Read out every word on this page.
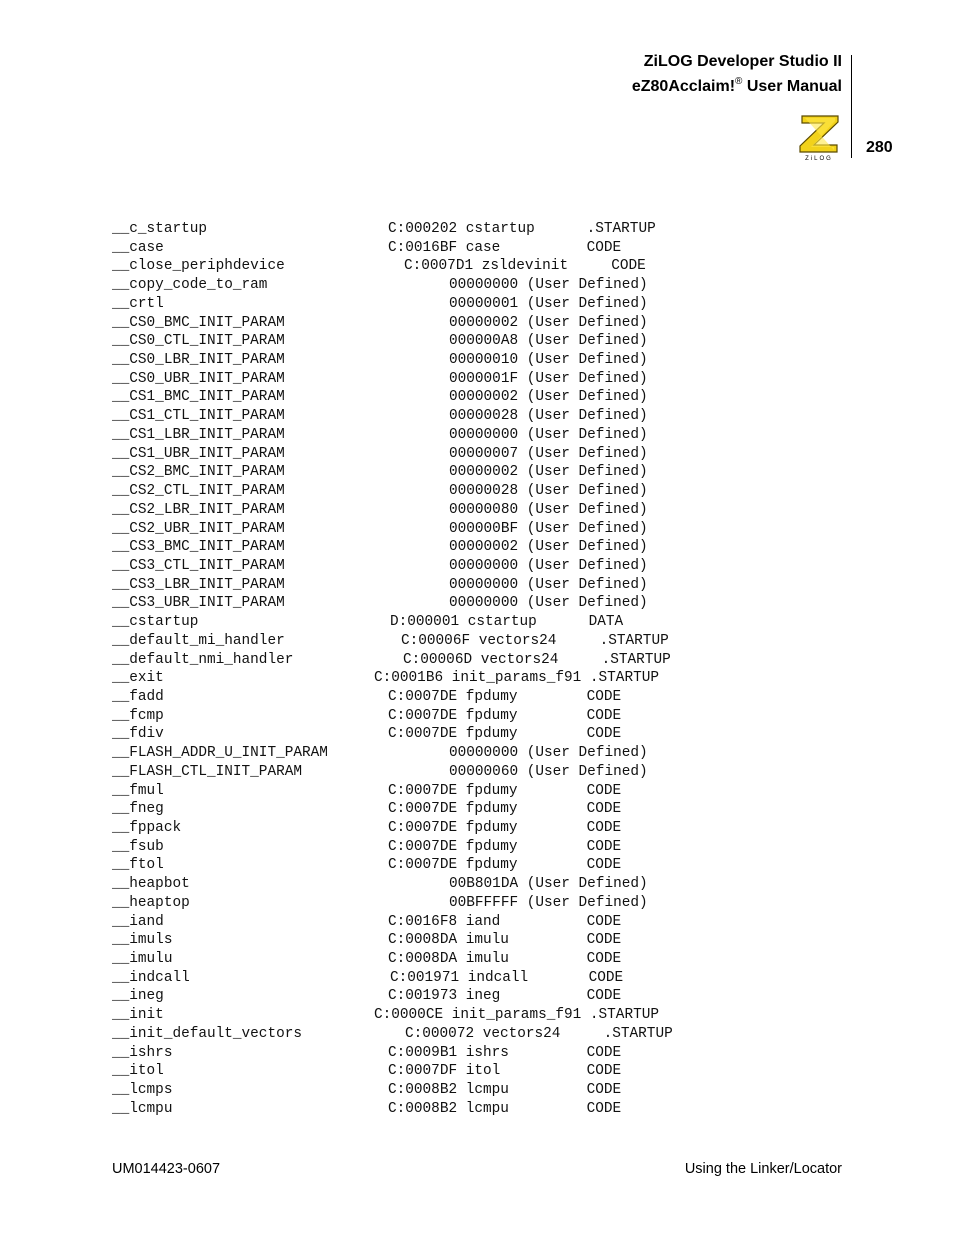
ZiLOG Developer Studio II
eZ80Acclaim!® User Manual
ZiLOG
280
__c_startup	C:000202 cstartup      .STARTUP
__case	C:0016BF case          CODE
__close_periphdevice	C:0007D1 zsldevinit     CODE
__copy_code_to_ram	00000000 (User Defined)
__crtl	00000001 (User Defined)
__CS0_BMC_INIT_PARAM	00000002 (User Defined)
__CS0_CTL_INIT_PARAM	000000A8 (User Defined)
__CS0_LBR_INIT_PARAM	00000010 (User Defined)
__CS0_UBR_INIT_PARAM	0000001F (User Defined)
__CS1_BMC_INIT_PARAM	00000002 (User Defined)
__CS1_CTL_INIT_PARAM	00000028 (User Defined)
__CS1_LBR_INIT_PARAM	00000000 (User Defined)
__CS1_UBR_INIT_PARAM	00000007 (User Defined)
__CS2_BMC_INIT_PARAM	00000002 (User Defined)
__CS2_CTL_INIT_PARAM	00000028 (User Defined)
__CS2_LBR_INIT_PARAM	00000080 (User Defined)
__CS2_UBR_INIT_PARAM	000000BF (User Defined)
__CS3_BMC_INIT_PARAM	00000002 (User Defined)
__CS3_CTL_INIT_PARAM	00000000 (User Defined)
__CS3_LBR_INIT_PARAM	00000000 (User Defined)
__CS3_UBR_INIT_PARAM	00000000 (User Defined)
__cstartup	D:000001 cstartup      DATA
__default_mi_handler	C:00006F vectors24     .STARTUP
__default_nmi_handler	C:00006D vectors24     .STARTUP
__exit	C:0001B6 init_params_f91 .STARTUP
__fadd	C:0007DE fpdumy        CODE
__fcmp	C:0007DE fpdumy        CODE
__fdiv	C:0007DE fpdumy        CODE
__FLASH_ADDR_U_INIT_PARAM	00000000 (User Defined)
__FLASH_CTL_INIT_PARAM	00000060 (User Defined)
__fmul	C:0007DE fpdumy        CODE
__fneg	C:0007DE fpdumy        CODE
__fppack	C:0007DE fpdumy        CODE
__fsub	C:0007DE fpdumy        CODE
__ftol	C:0007DE fpdumy        CODE
__heapbot	00B801DA (User Defined)
__heaptop	00BFFFFF (User Defined)
__iand	C:0016F8 iand          CODE
__imuls	C:0008DA imulu         CODE
__imulu	C:0008DA imulu         CODE
__indcall	C:001971 indcall       CODE
__ineg	C:001973 ineg          CODE
__init	C:0000CE init_params_f91 .STARTUP
__init_default_vectors	C:000072 vectors24     .STARTUP
__ishrs	C:0009B1 ishrs         CODE
__itol	C:0007DF itol          CODE
__lcmps	C:0008B2 lcmpu         CODE
__lcmpu	C:0008B2 lcmpu         CODE
UM014423-0607	Using the Linker/Locator
